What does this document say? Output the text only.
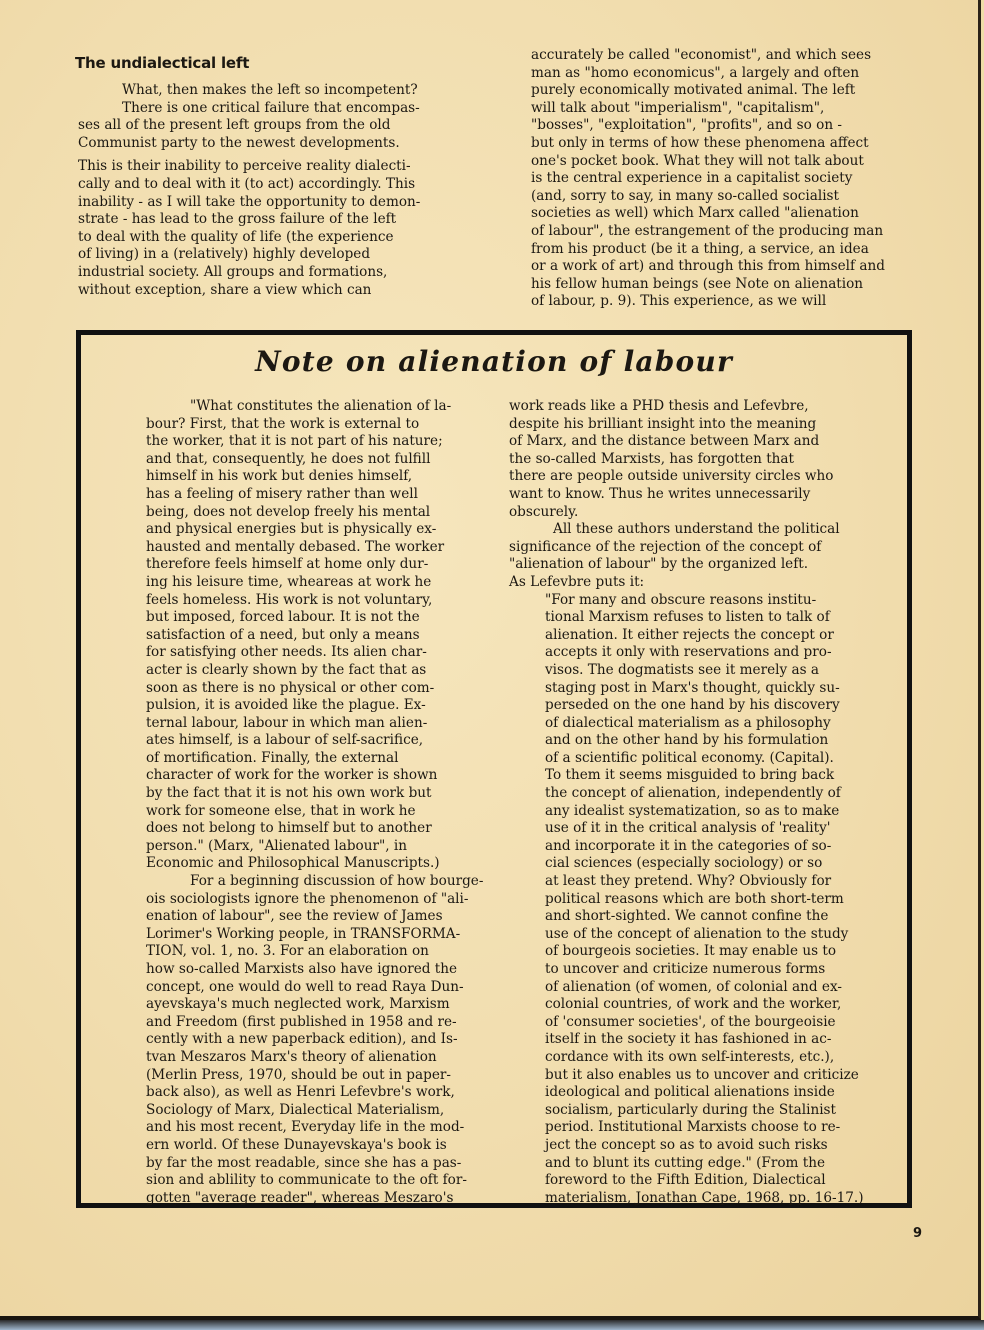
The undialectical left
What, then makes the left so incompetent?
There is one critical failure that encompas-
ses all of the present left groups from the old
Communist party to the newest developments.
This is their inability to perceive reality dialecti-
cally and to deal with it (to act) accordingly. This
inability - as I will take the opportunity to demon-
strate - has lead to the gross failure of the left
to deal with the quality of life (the experience
of living) in a (relatively) highly developed
industrial society. All groups and formations,
without exception, share a view which can
accurately be called "economist", and which sees
man as "homo economicus", a largely and often
purely economically motivated animal. The left
will talk about "imperialism", "capitalism",
"bosses", "exploitation", "profits", and so on -
but only in terms of how these phenomena affect
one's pocket book. What they will not talk about
is the central experience in a capitalist society
(and, sorry to say, in many so-called socialist
societies as well) which Marx called "alienation
of labour", the estrangement of the producing man
from his product (be it a thing, a service, an idea
or a work of art) and through this from himself and
his fellow human beings (see Note on alienation
of labour, p. 9). This experience, as we will
Note on alienation of labour
"What constitutes the alienation of la-
bour? First, that the work is external to
the worker, that it is not part of his nature;
and that, consequently, he does not fulfill
himself in his work but denies himself,
has a feeling of misery rather than well
being, does not develop freely his mental
and physical energies but is physically ex-
hausted and mentally debased. The worker
therefore feels himself at home only dur-
ing his leisure time, wheareas at work he
feels homeless. His work is not voluntary,
but imposed, forced labour. It is not the
satisfaction of a need, but only a means
for satisfying other needs. Its alien char-
acter is clearly shown by the fact that as
soon as there is no physical or other com-
pulsion, it is avoided like the plague. Ex-
ternal labour, labour in which man alien-
ates himself, is a labour of self-sacrifice,
of mortification. Finally, the external
character of work for the worker is shown
by the fact that it is not his own work but
work for someone else, that in work he
does not belong to himself but to another
person." (Marx, "Alienated labour", in
Economic and Philosophical Manuscripts.)
For a beginning discussion of how bourge-
ois sociologists ignore the phenomenon of "ali-
enation of labour", see the review of James
Lorimer's Working people, in TRANSFORMA-
TION, vol. 1, no. 3. For an elaboration on
how so-called Marxists also have ignored the
concept, one would do well to read Raya Dun-
ayevskaya's much neglected work, Marxism
and Freedom (first published in 1958 and re-
cently with a new paperback edition), and Is-
tvan Meszaros Marx's theory of alienation
(Merlin Press, 1970, should be out in paper-
back also), as well as Henri Lefevbre's work,
Sociology of Marx, Dialectical Materialism,
and his most recent, Everyday life in the mod-
ern world. Of these Dunayevskaya's book is
by far the most readable, since she has a pas-
sion and ablility to communicate to the oft for-
gotten "average reader", whereas Meszaro's
work reads like a PHD thesis and Lefevbre,
despite his brilliant insight into the meaning
of Marx, and the distance between Marx and
the so-called Marxists, has forgotten that
there are people outside university circles who
want to know. Thus he writes unnecessarily
obscurely.
All these authors understand the political
significance of the rejection of the concept of
"alienation of labour" by the organized left.
As Lefevbre puts it:
"For many and obscure reasons institu-
tional Marxism refuses to listen to talk of
alienation. It either rejects the concept or
accepts it only with reservations and pro-
visos. The dogmatists see it merely as a
staging post in Marx's thought, quickly su-
perseded on the one hand by his discovery
of dialectical materialism as a philosophy
and on the other hand by his formulation
of a scientific political economy. (Capital).
To them it seems misguided to bring back
the concept of alienation, independently of
any idealist systematization, so as to make
use of it in the critical analysis of 'reality'
and incorporate it in the categories of so-
cial sciences (especially sociology) or so
at least they pretend. Why? Obviously for
political reasons which are both short-term
and short-sighted. We cannot confine the
use of the concept of alienation to the study
of bourgeois societies. It may enable us to
to uncover and criticize numerous forms
of alienation (of women, of colonial and ex-
colonial countries, of work and the worker,
of 'consumer societies', of the bourgeoisie
itself in the society it has fashioned in ac-
cordance with its own self-interests, etc.),
but it also enables us to uncover and criticize
ideological and political alienations inside
socialism, particularly during the Stalinist
period. Institutional Marxists choose to re-
ject the concept so as to avoid such risks
and to blunt its cutting edge." (From the
foreword to the Fifth Edition, Dialectical
materialism, Jonathan Cape, 1968, pp. 16-17.)
9
